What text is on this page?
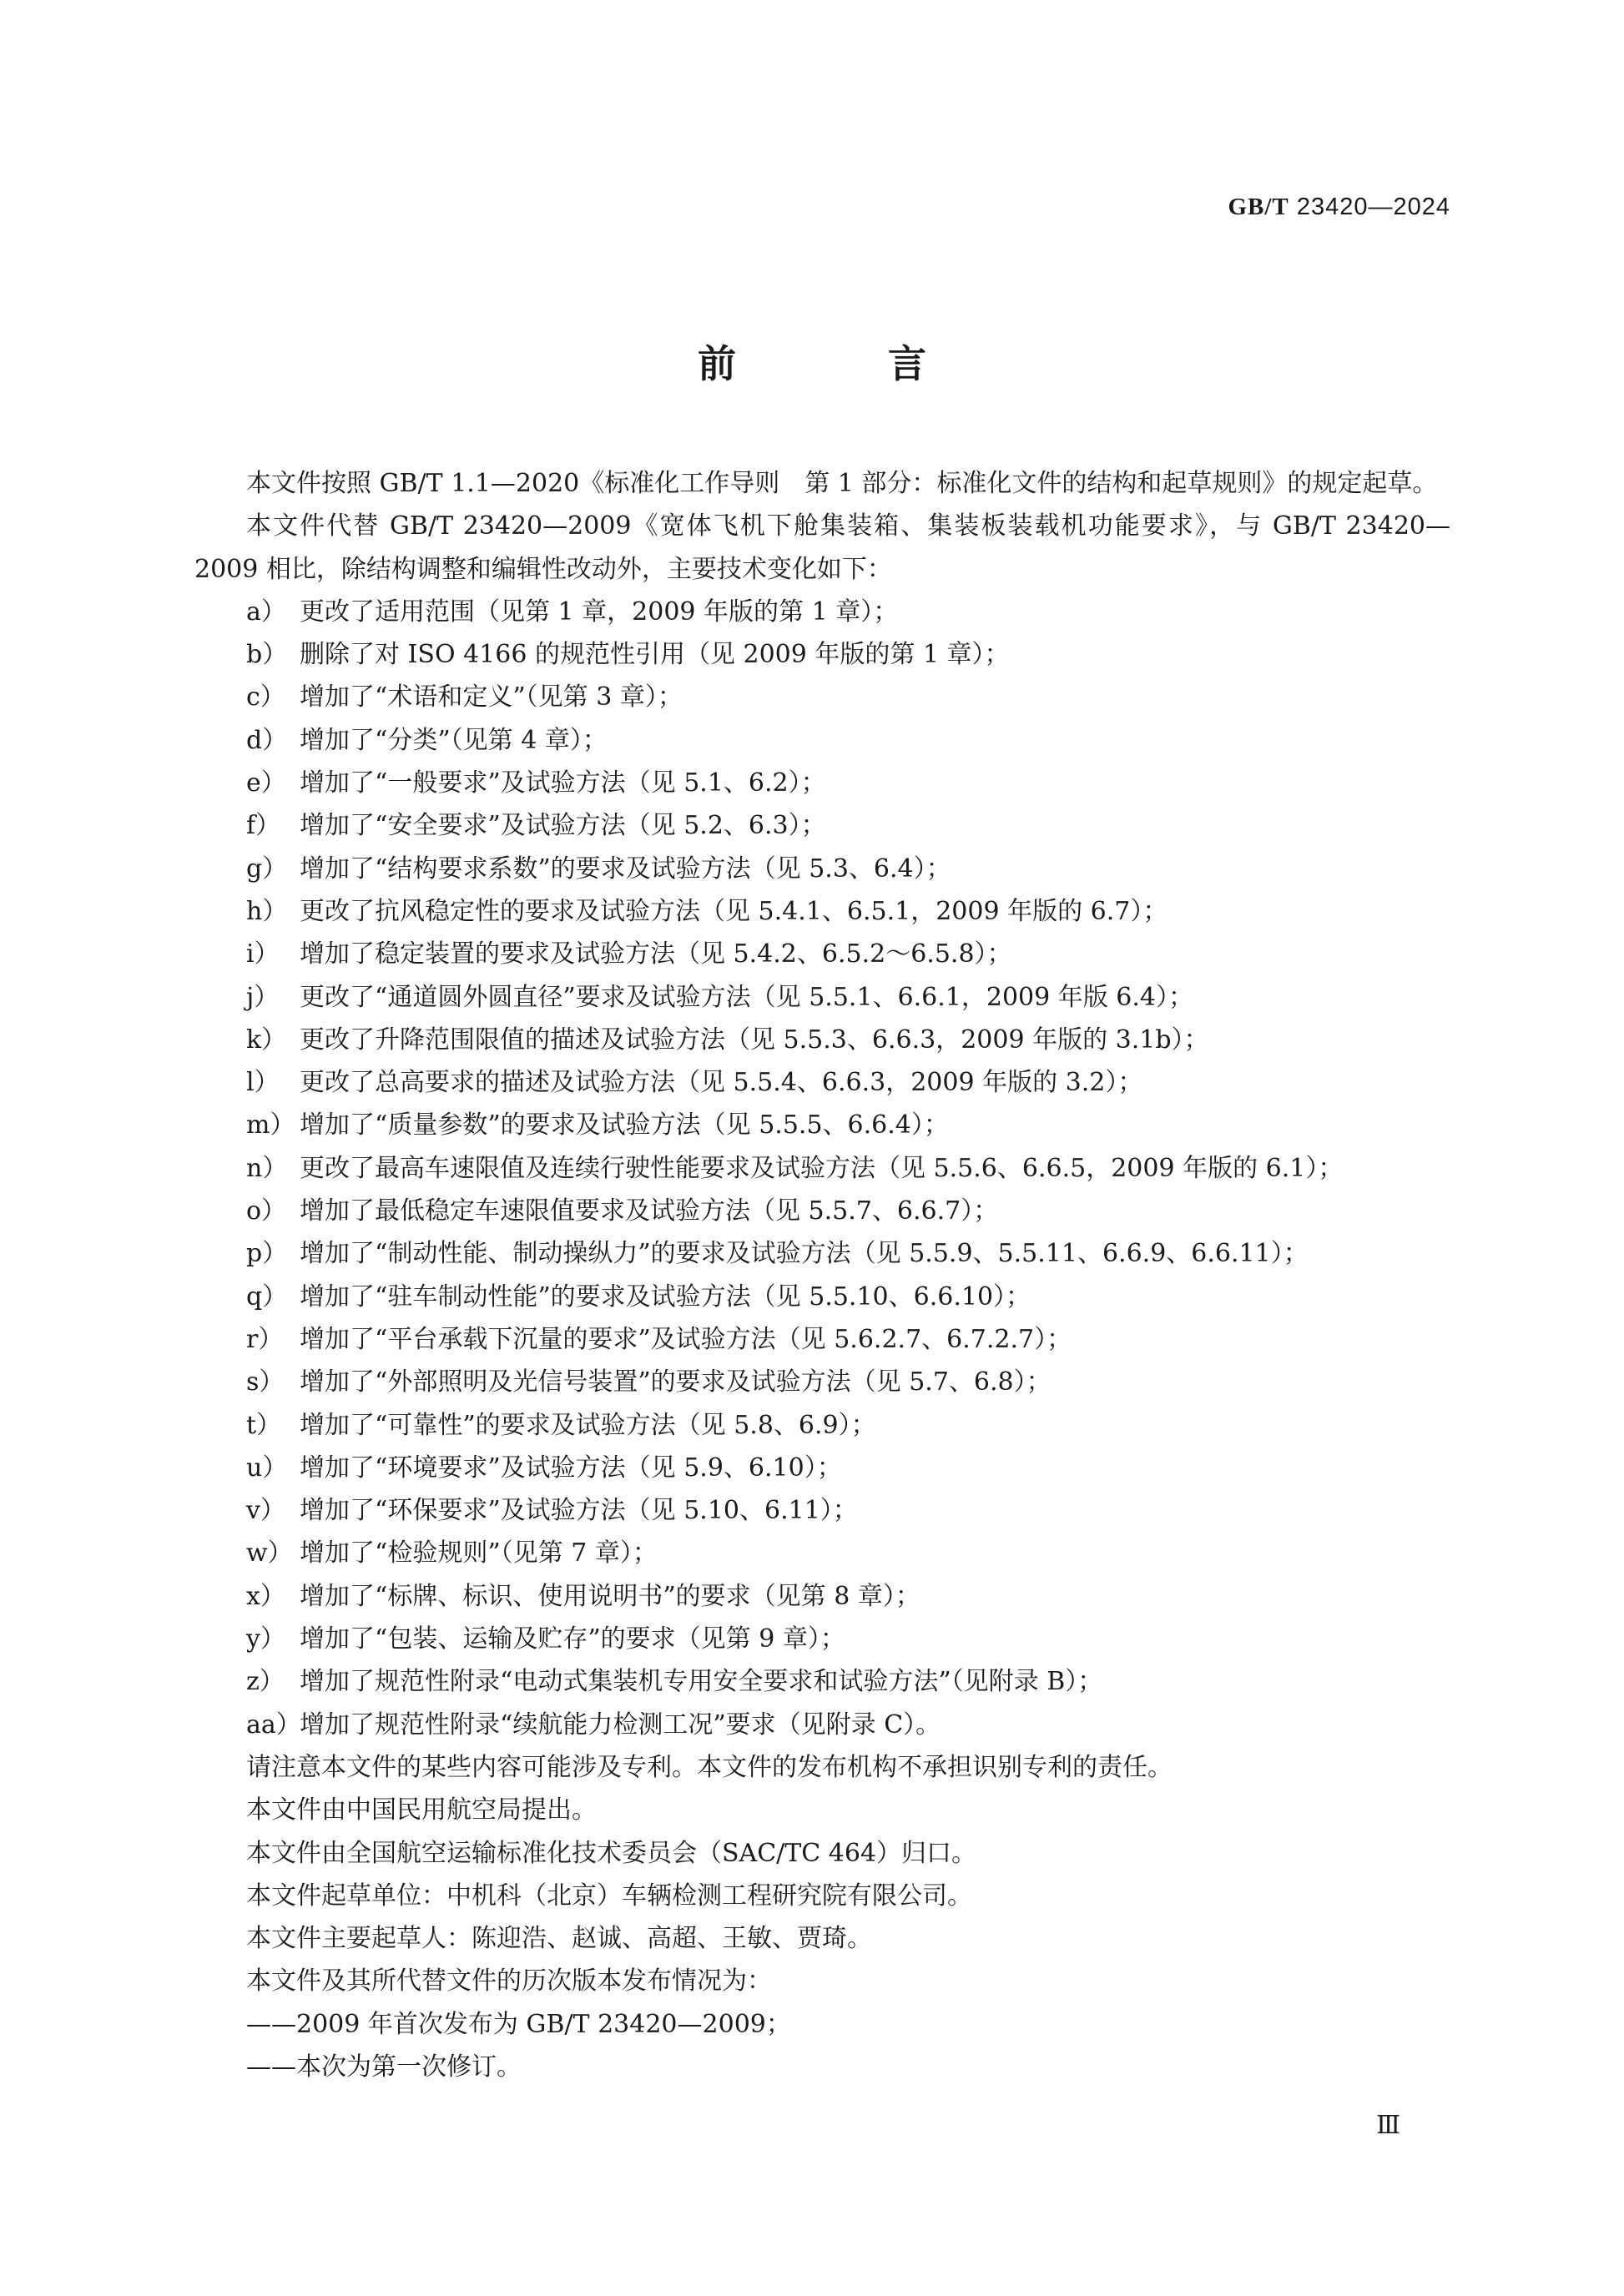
GB/T 23420—2024
前　言

本文件按照 GB/T 1.1—2020《标准化工作导则　第 1 部分：标准化文件的结构和起草规则》的规定起草。

本文件代替 GB/T 23420—2009《宽体飞机下舱集装箱、集装板装载机功能要求》，与 GB/T 23420—2009 相比，除结构调整和编辑性改动外，主要技术变化如下：

a） 更改了适用范围（见第 1 章，2009 年版的第 1 章）；

b） 删除了对 ISO 4166 的规范性引用（见 2009 年版的第 1 章）；

c） 增加了“术语和定义”（见第 3 章）；

d） 增加了“分类”（见第 4 章）；

e） 增加了“一般要求”及试验方法（见 5.1、6.2）；

f） 增加了“安全要求”及试验方法（见 5.2、6.3）；

g） 增加了“结构要求系数”的要求及试验方法（见 5.3、6.4）；

h） 更改了抗风稳定性的要求及试验方法（见 5.4.1、6.5.1，2009 年版的 6.7）；

i） 增加了稳定装置的要求及试验方法（见 5.4.2、6.5.2～6.5.8）；

j） 更改了“通道圆外圆直径”要求及试验方法（见 5.5.1、6.6.1，2009 年版 6.4）；

k） 更改了升降范围限值的描述及试验方法（见 5.5.3、6.6.3，2009 年版的 3.1b）；

l） 更改了总高要求的描述及试验方法（见 5.5.4、6.6.3，2009 年版的 3.2）；

m） 增加了“质量参数”的要求及试验方法（见 5.5.5、6.6.4）；

n） 更改了最高车速限值及连续行驶性能要求及试验方法（见 5.5.6、6.6.5，2009 年版的 6.1）；

o） 增加了最低稳定车速限值要求及试验方法（见 5.5.7、6.6.7）；

p） 增加了“制动性能、制动操纵力”的要求及试验方法（见 5.5.9、5.5.11、6.6.9、6.6.11）；

q） 增加了“驻车制动性能”的要求及试验方法（见 5.5.10、6.6.10）；

r） 增加了“平台承载下沉量的要求”及试验方法（见 5.6.2.7、6.7.2.7）；

s） 增加了“外部照明及光信号装置”的要求及试验方法（见 5.7、6.8）；

t） 增加了“可靠性”的要求及试验方法（见 5.8、6.9）；

u） 增加了“环境要求”及试验方法（见 5.9、6.10）；

v） 增加了“环保要求”及试验方法（见 5.10、6.11）；

w） 增加了“检验规则”（见第 7 章）；

x） 增加了“标牌、标识、使用说明书”的要求（见第 8 章）；

y） 增加了“包装、运输及贮存”的要求（见第 9 章）；

z） 增加了规范性附录“电动式集装机专用安全要求和试验方法”（见附录 B）；

aa）增加了规范性附录“续航能力检测工况”要求（见附录 C）。

请注意本文件的某些内容可能涉及专利。本文件的发布机构不承担识别专利的责任。

本文件由中国民用航空局提出。

本文件由全国航空运输标准化技术委员会（SAC/TC 464）归口。

本文件起草单位：中机科（北京）车辆检测工程研究院有限公司。

本文件主要起草人：陈迎浩、赵诚、高超、王敏、贾琦。

本文件及其所代替文件的历次版本发布情况为：

——2009 年首次发布为 GB/T 23420—2009；

——本次为第一次修订。

Ⅲ
